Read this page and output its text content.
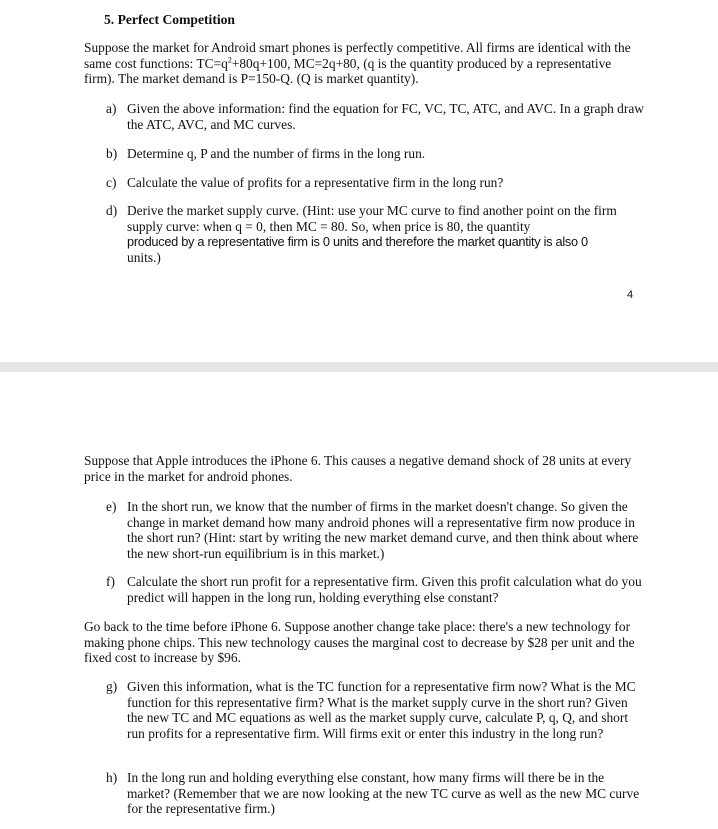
5. Perfect Competition

Suppose the market for Android smart phones is perfectly competitive. All firms are identical with the same cost functions: $TC=q^2+80q+100$, MC=2q+80, (q is the quantity produced by a representative firm). The market demand is P=150-Q. (Q is market quantity).

a) Given the above information: find the equation for FC, VC, TC, ATC, and AVC. In a graph draw the ATC, AVC, and MC curves.
b) Determine q, P and the number of firms in the long run.
c) Calculate the value of profits for a representative firm in the long run?
d) Derive the market supply curve. (Hint: use your MC curve to find another point on the firm supply curve: when q = 0, then MC = 80. So, when price is 80, the quantity
produced by a representative firm is 0 units and therefore the market quantity is also 0
units.)
4

Suppose that Apple introduces the iPhone 6. This causes a negative demand shock of 28 units at every price in the market for android phones.

e) In the short run, we know that the number of firms in the market doesn't change. So given the change in market demand how many android phones will a representative firm now produce in the short run? (Hint: start by writing the new market demand curve, and then think about where the new short-run equilibrium is in this market.)
f) Calculate the short run profit for a representative firm. Given this profit calculation what do you predict will happen in the long run, holding everything else constant?

Go back to the time before iPhone 6. Suppose another change take place: there's a new technology for making phone chips. This new technology causes the marginal cost to decrease by $28 per unit and the fixed cost to increase by $96.

g) Given this information, what is the TC function for a representative firm now? What is the MC function for this representative firm? What is the market supply curve in the short run? Given the new TC and MC equations as well as the market supply curve, calculate P, q, Q, and short run profits for a representative firm. Will firms exit or enter this industry in the long run?
h) In the long run and holding everything else constant, how many firms will there be in the market? (Remember that we are now looking at the new TC curve as well as the new MC curve for the representative firm.)
